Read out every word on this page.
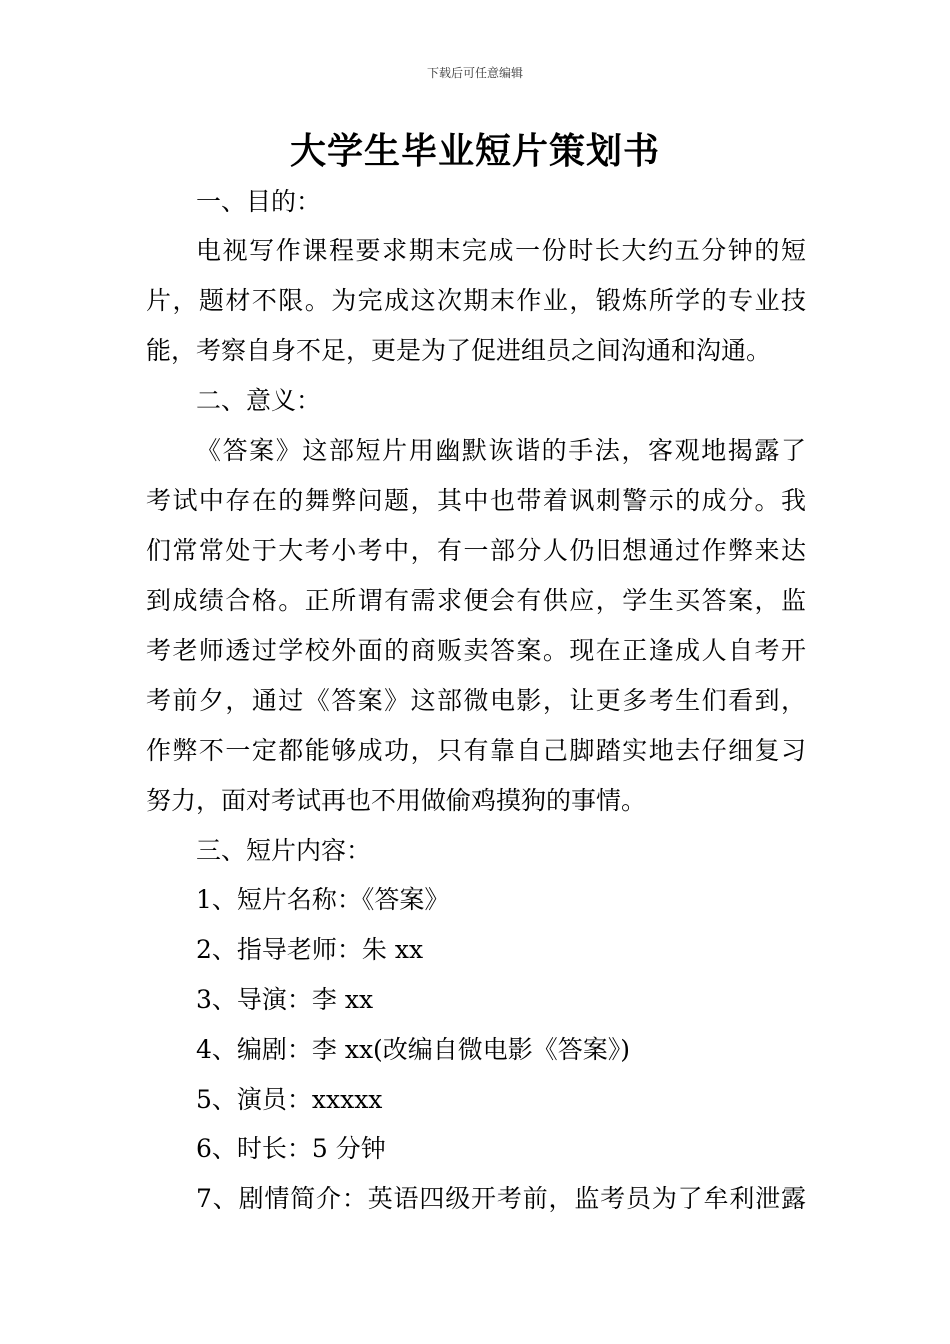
下载后可任意编辑
大学生毕业短片策划书
一、目的：
电视写作课程要求期末完成一份时长大约五分钟的短
片，题材不限。为完成这次期末作业，锻炼所学的专业技
能，考察自身不足，更是为了促进组员之间沟通和沟通。
二、意义：
《答案》这部短片用幽默诙谐的手法，客观地揭露了
考试中存在的舞弊问题，其中也带着讽刺警示的成分。我
们常常处于大考小考中，有一部分人仍旧想通过作弊来达
到成绩合格。正所谓有需求便会有供应，学生买答案，监
考老师透过学校外面的商贩卖答案。现在正逢成人自考开
考前夕，通过《答案》这部微电影，让更多考生们看到，
作弊不一定都能够成功，只有靠自己脚踏实地去仔细复习
努力，面对考试再也不用做偷鸡摸狗的事情。
三、短片内容：
1、短片名称：《答案》
2、指导老师：朱 xx
3、导演：李 xx
4、编剧：李 xx(改编自微电影《答案》)
5、演员：xxxxx
6、时长：5 分钟
7、剧情简介：英语四级开考前，监考员为了牟利泄露
